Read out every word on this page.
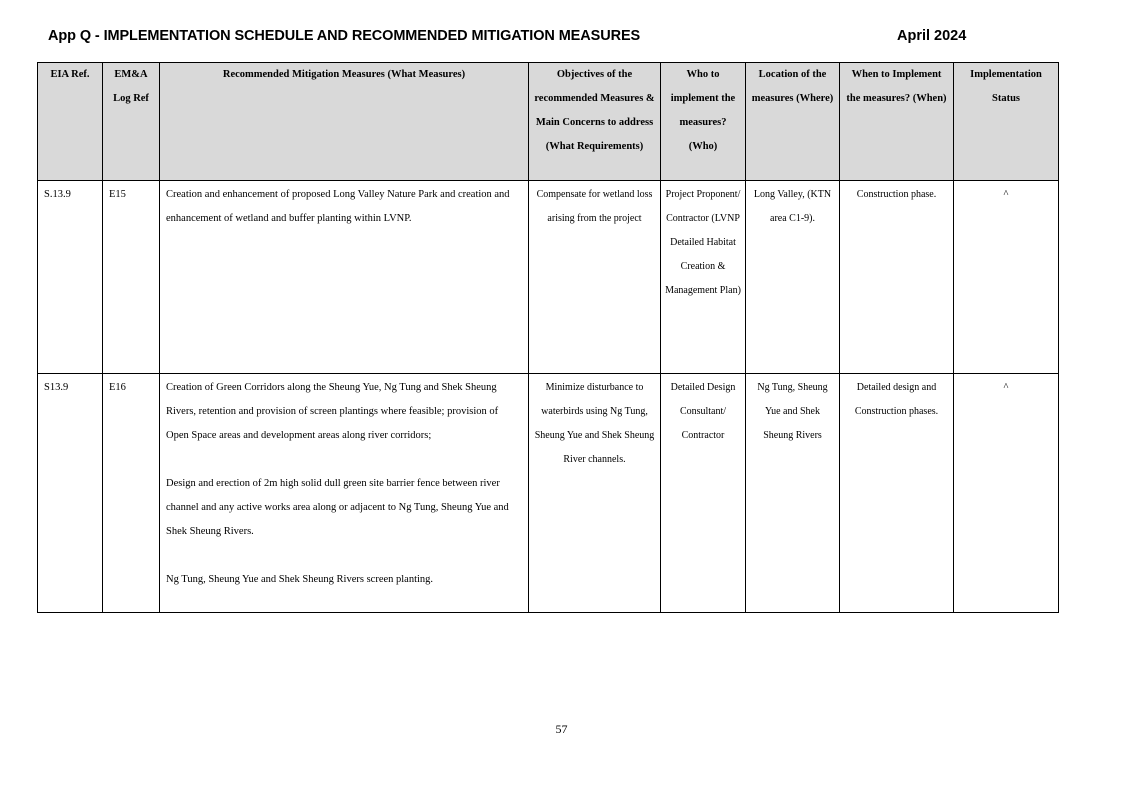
App Q - IMPLEMENTATION SCHEDULE AND RECOMMENDED MITIGATION MEASURES	April 2024
EIA Ref.	EM&A Log Ref	Recommended Mitigation Measures (What Measures)	Objectives of the recommended Measures & Main Concerns to address (What Requirements)	Who to implement the measures? (Who)	Location of the measures (Where)	When to Implement the measures? (When)	Implementation Status
S.13.9	E15	Creation and enhancement of proposed Long Valley Nature Park and creation and enhancement of wetland and buffer planting within LVNP.	Compensate for wetland loss arising from the project	Project Proponent/ Contractor (LVNP Detailed Habitat Creation & Management Plan)	Long Valley, (KTN area C1-9).	Construction phase.	^
S13.9	E16	Creation of Green Corridors along the Sheung Yue, Ng Tung and Shek Sheung Rivers, retention and provision of screen plantings where feasible; provision of Open Space areas and development areas along river corridors;
Design and erection of 2m high solid dull green site barrier fence between river channel and any active works area along or adjacent to Ng Tung, Sheung Yue and Shek Sheung Rivers.
Ng Tung, Sheung Yue and Shek Sheung Rivers screen planting.	Minimize disturbance to waterbirds using Ng Tung, Sheung Yue and Shek Sheung River channels.	Detailed Design Consultant/ Contractor	Ng Tung, Sheung Yue and Shek Sheung Rivers	Detailed design and Construction phases.	^
57
